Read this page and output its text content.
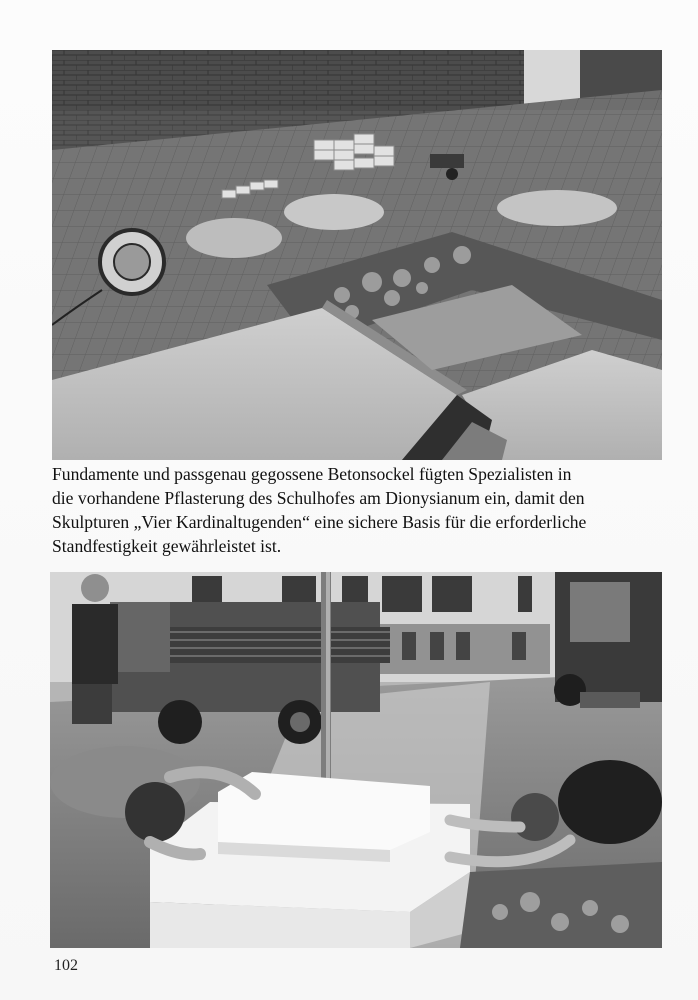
Fundamente und passgenau gegossene Betonsockel fügten Spezialisten in
die vorhandene Pflasterung des Schulhofes am Dionysianum ein, damit den
Skulpturen „Vier Kardinaltugenden“ eine sichere Basis für die erforderliche
Standfestigkeit gewährleistet ist.

102
